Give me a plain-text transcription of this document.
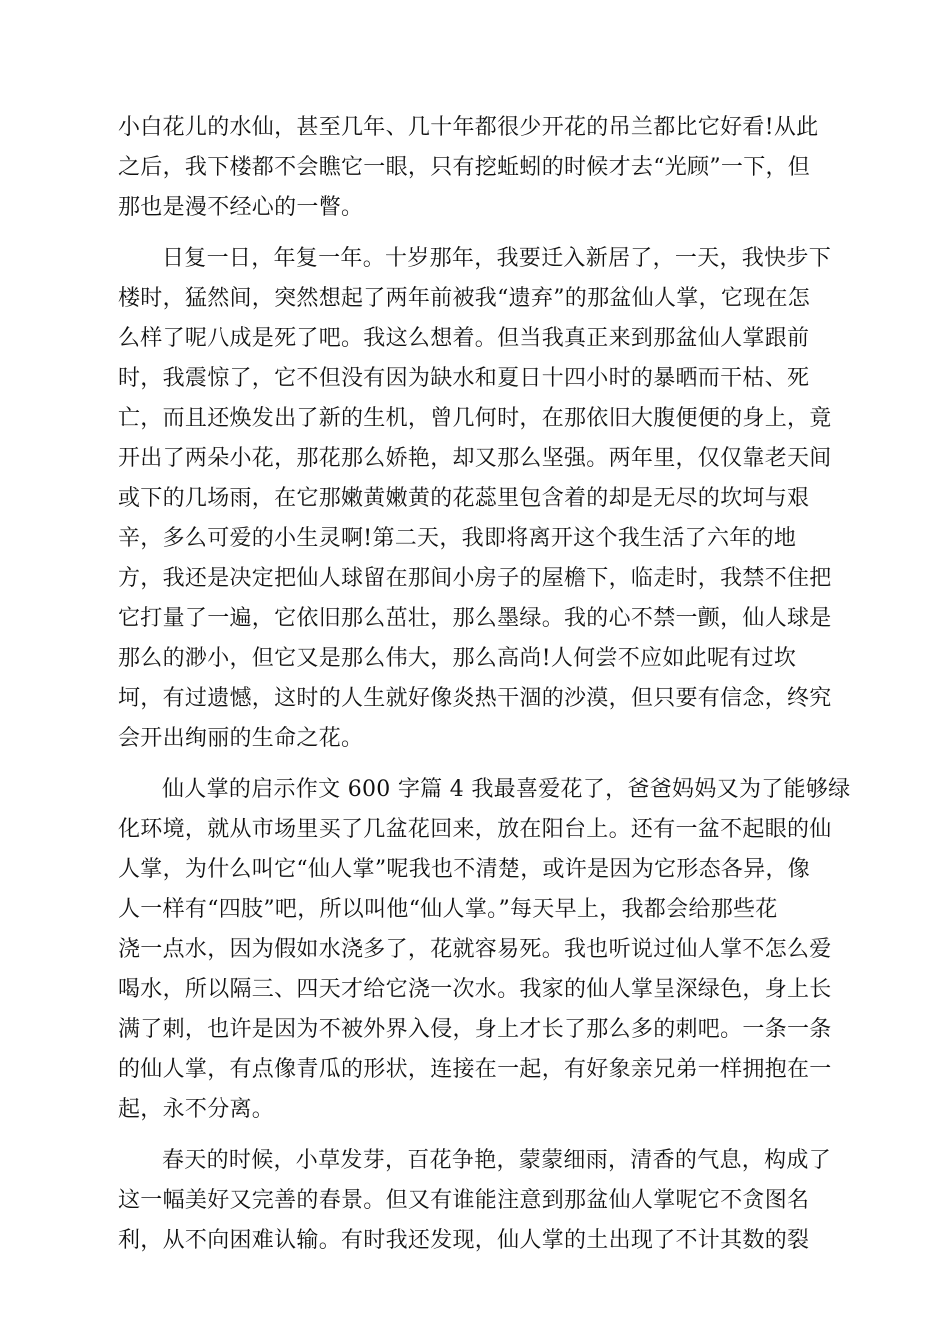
小白花儿的水仙，甚至几年、几十年都很少开花的吊兰都比它好看!从此
之后，我下楼都不会瞧它一眼，只有挖蚯蚓的时候才去“光顾”一下，但
那也是漫不经心的一瞥。
日复一日，年复一年。十岁那年，我要迁入新居了，一天，我快步下
楼时，猛然间，突然想起了两年前被我“遗弃”的那盆仙人掌，它现在怎
么样了呢八成是死了吧。我这么想着。但当我真正来到那盆仙人掌跟前
时，我震惊了，它不但没有因为缺水和夏日十四小时的暴晒而干枯、死
亡，而且还焕发出了新的生机，曾几何时，在那依旧大腹便便的身上，竟
开出了两朵小花，那花那么娇艳，却又那么坚强。两年里，仅仅靠老天间
或下的几场雨，在它那嫩黄嫩黄的花蕊里包含着的却是无尽的坎坷与艰
辛，多么可爱的小生灵啊!第二天，我即将离开这个我生活了六年的地
方，我还是决定把仙人球留在那间小房子的屋檐下，临走时，我禁不住把
它打量了一遍，它依旧那么茁壮，那么墨绿。我的心不禁一颤，仙人球是
那么的渺小，但它又是那么伟大，那么高尚!人何尝不应如此呢有过坎
坷，有过遗憾，这时的人生就好像炎热干涸的沙漠，但只要有信念，终究
会开出绚丽的生命之花。
仙人掌的启示作文 600 字篇 4 我最喜爱花了，爸爸妈妈又为了能够绿
化环境，就从市场里买了几盆花回来，放在阳台上。还有一盆不起眼的仙
人掌，为什么叫它“仙人掌”呢我也不清楚，或许是因为它形态各异，像
人一样有“四肢”吧，所以叫他“仙人掌。”每天早上，我都会给那些花
浇一点水，因为假如水浇多了，花就容易死。我也听说过仙人掌不怎么爱
喝水，所以隔三、四天才给它浇一次水。我家的仙人掌呈深绿色，身上长
满了刺，也许是因为不被外界入侵，身上才长了那么多的刺吧。一条一条
的仙人掌，有点像青瓜的形状，连接在一起，有好象亲兄弟一样拥抱在一
起，永不分离。
春天的时候，小草发芽，百花争艳，蒙蒙细雨，清香的气息，构成了
这一幅美好又完善的春景。但又有谁能注意到那盆仙人掌呢它不贪图名
利，从不向困难认输。有时我还发现，仙人掌的土出现了不计其数的裂
